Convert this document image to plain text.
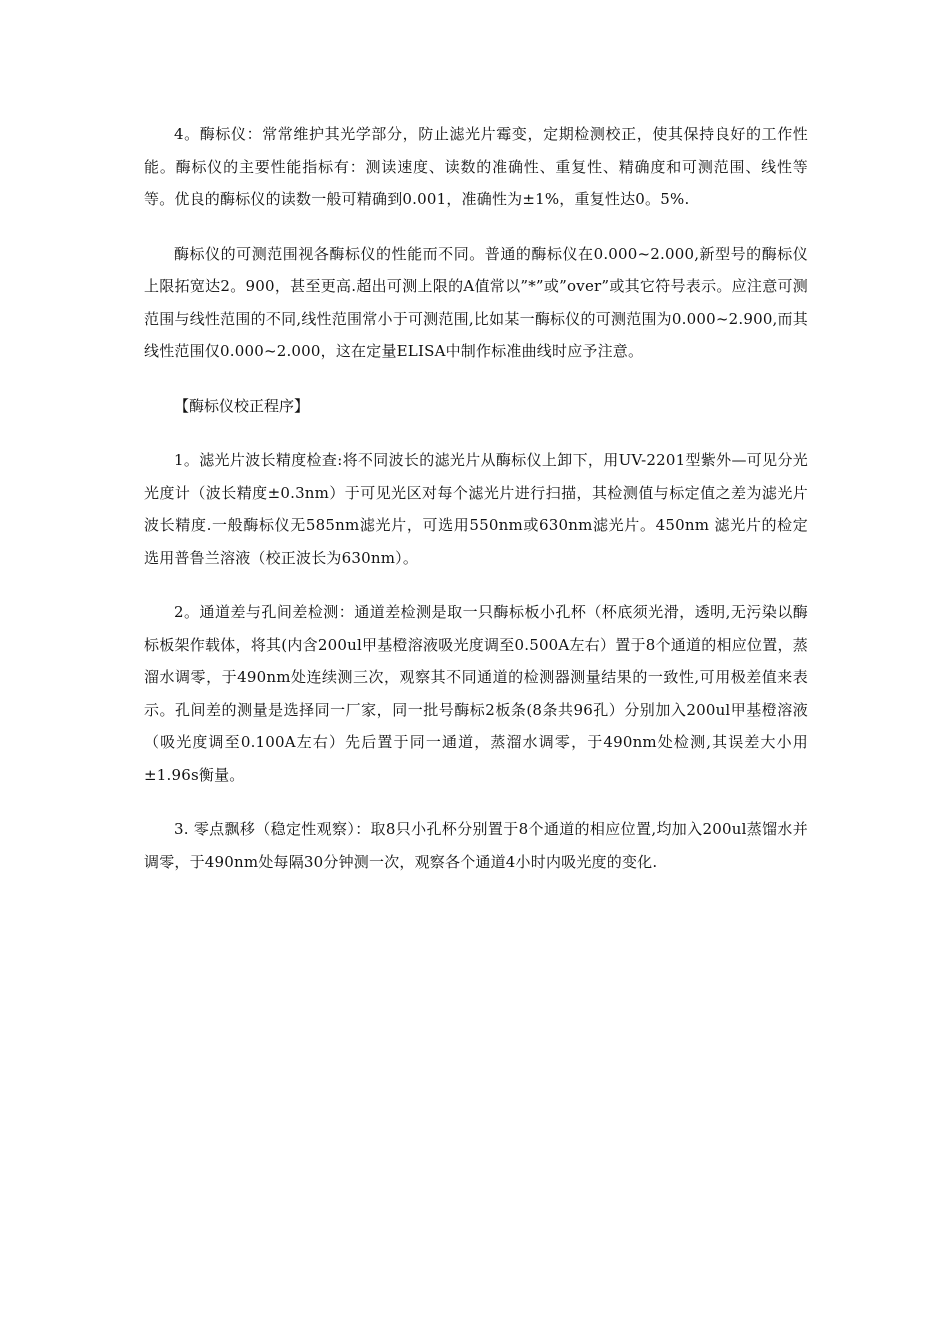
4。酶标仪：常常维护其光学部分，防止滤光片霉变，定期检测校正，使其保持良好的工作性能。酶标仪的主要性能指标有：测读速度、读数的准确性、重复性、精确度和可测范围、线性等等。优良的酶标仪的读数一般可精确到0.001，准确性为±1%，重复性达0。5%.

酶标仪的可测范围视各酶标仪的性能而不同。普通的酶标仪在0.000~2.000,新型号的酶标仪上限拓宽达2。900，甚至更高.超出可测上限的A值常以”*”或”over”或其它符号表示。应注意可测范围与线性范围的不同,线性范围常小于可测范围,比如某一酶标仪的可测范围为0.000~2.900,而其线性范围仅0.000~2.000，这在定量ELISA中制作标准曲线时应予注意。

【酶标仪校正程序】

1。滤光片波长精度检查:将不同波长的滤光片从酶标仪上卸下，用UV-2201型紫外—可见分光光度计（波长精度±0.3nm）于可见光区对每个滤光片进行扫描，其检测值与标定值之差为滤光片波长精度.一般酶标仪无585nm滤光片，可选用550nm或630nm滤光片。450nm 滤光片的检定选用普鲁兰溶液（校正波长为630nm）。

2。通道差与孔间差检测：通道差检测是取一只酶标板小孔杯（杯底须光滑，透明,无污染以酶标板架作载体，将其(内含200ul甲基橙溶液吸光度调至0.500A左右）置于8个通道的相应位置，蒸溜水调零，于490nm处连续测三次，观察其不同通道的检测器测量结果的一致性,可用极差值来表示。孔间差的测量是选择同一厂家，同一批号酶标2板条(8条共96孔）分别加入200ul甲基橙溶液（吸光度调至0.100A左右）先后置于同一通道，蒸溜水调零，于490nm处检测,其误差大小用±1.96s衡量。

3. 零点飘移（稳定性观察）：取8只小孔杯分别置于8个通道的相应位置,均加入200ul蒸馏水并调零，于490nm处每隔30分钟测一次，观察各个通道4小时内吸光度的变化.
